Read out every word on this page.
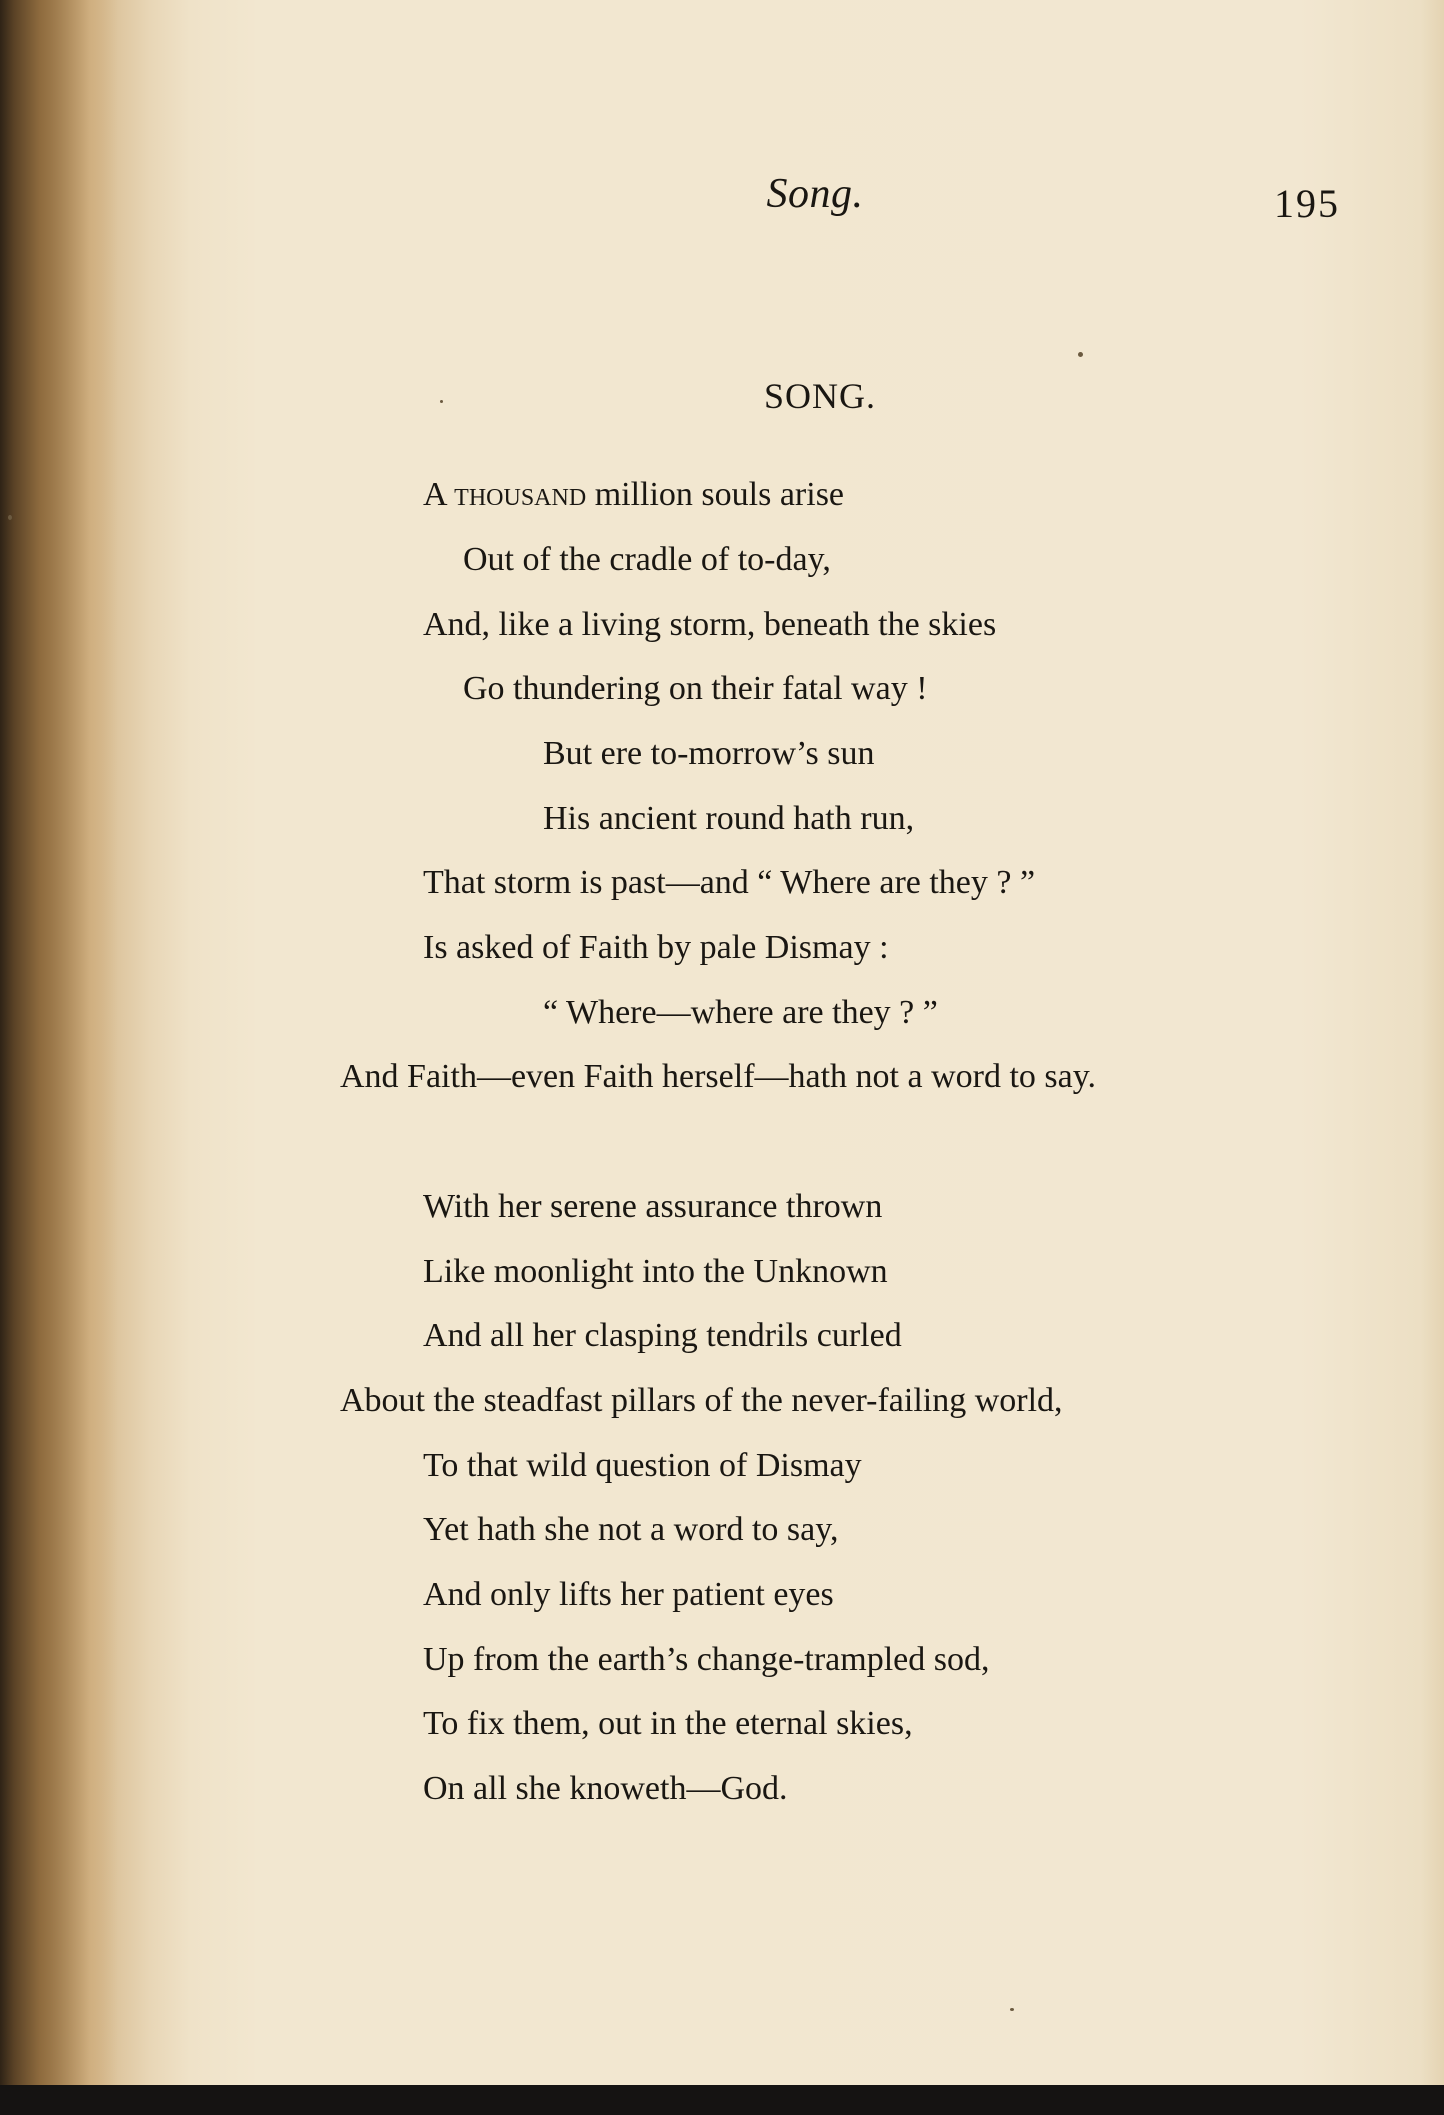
Song.	195
SONG.
A thousand million souls arise
Out of the cradle of to-day,
And, like a living storm, beneath the skies
Go thundering on their fatal way !
But ere to-morrow’s sun
His ancient round hath run,
That storm is past—and “ Where are they ? ”
Is asked of Faith by pale Dismay :
“ Where—where are they ? ”
And Faith—even Faith herself—hath not a word to say.
With her serene assurance thrown
Like moonlight into the Unknown
And all her clasping tendrils curled
About the steadfast pillars of the never-failing world,
To that wild question of Dismay
Yet hath she not a word to say,
And only lifts her patient eyes
Up from the earth’s change-trampled sod,
To fix them, out in the eternal skies,
On all she knoweth—God.
